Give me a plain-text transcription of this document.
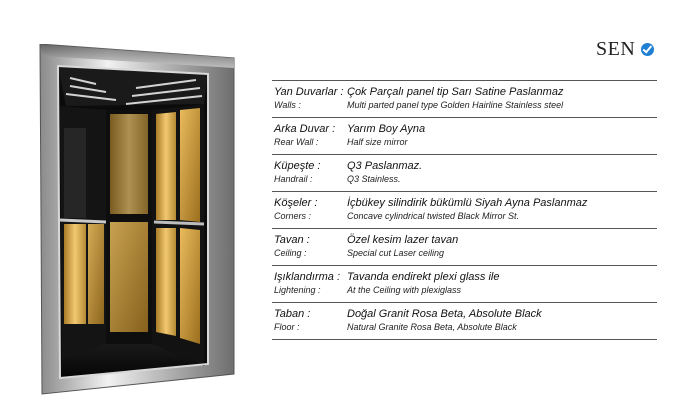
SEN
Yan Duvarlar :
Walls :
Çok Parçalı panel tip Sarı Satine Paslanmaz
Multi parted panel type Golden Hairline Stainless steel
Arka Duvar :
Rear Wall :
Yarım Boy Ayna
Half size mirror
Küpeşte :
Handrail :
Q3 Paslanmaz.
Q3 Stainless.
Köşeler :
Corners :
İçbükey silindirik bükümlü Siyah Ayna Paslanmaz
Concave cylindrical twisted Black Mirror St.
Tavan :
Ceiling :
Özel kesim lazer tavan
Special cut Laser ceiling
Işıklandırma :
Lightening :
Tavanda endirekt plexi glass ile
At the Ceiling with plexiglass
Taban :
Floor :
Doğal Granit Rosa Beta, Absolute Black
Natural Granite Rosa Beta, Absolute Black
